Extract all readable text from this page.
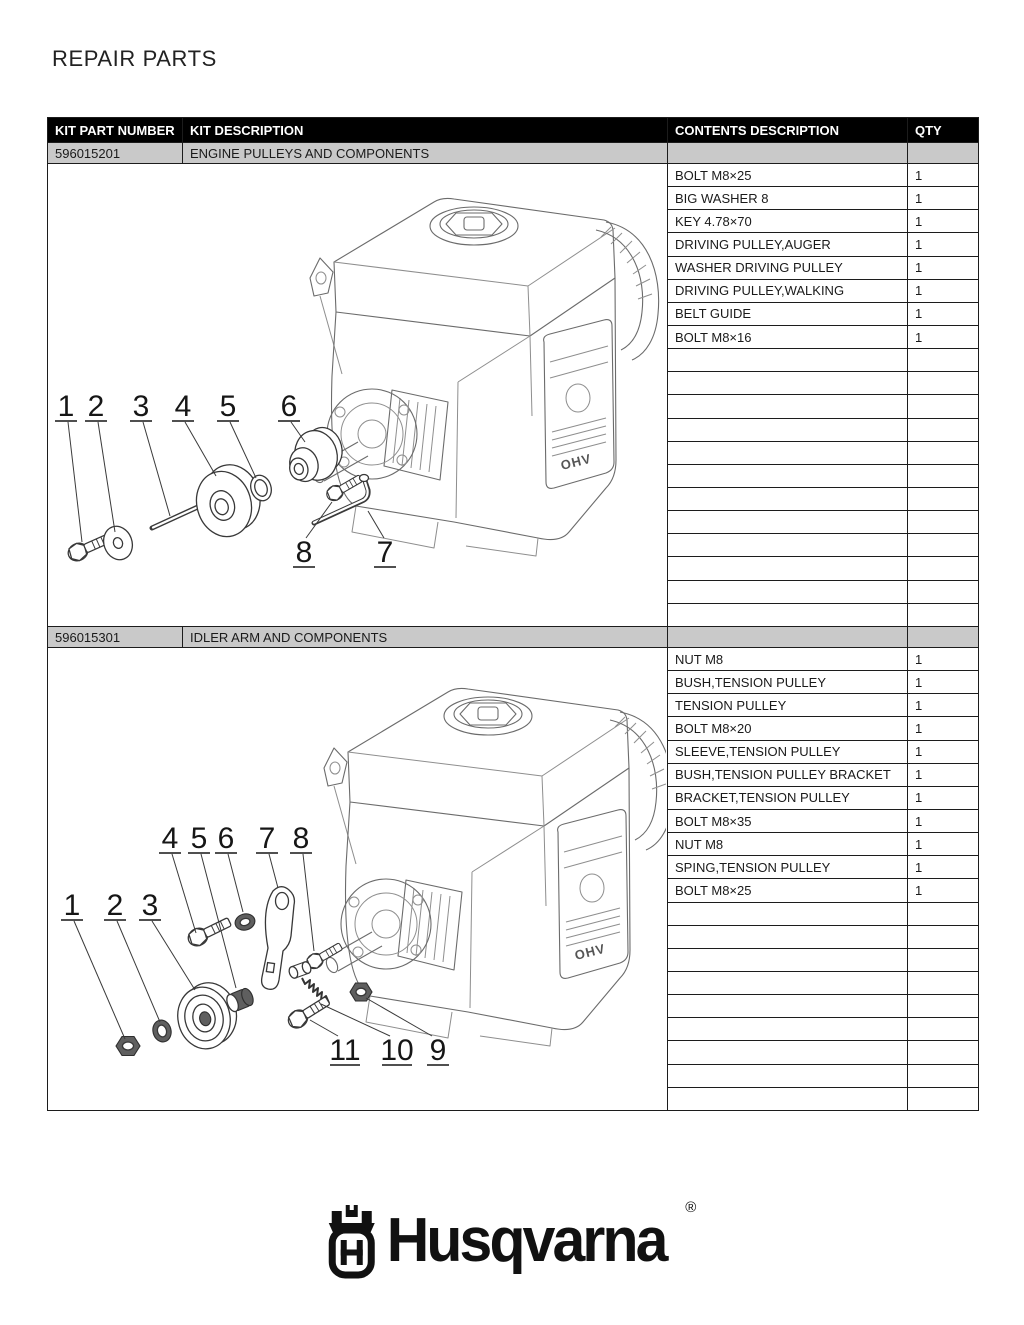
REPAIR PARTS
KIT PART NUMBER	KIT DESCRIPTION	CONTENTS DESCRIPTION	QTY
596015201	ENGINE PULLEYS AND COMPONENTS		

OHV
1 2 3 4 5 6
8 7
	BOLT M8×25	1
		BIG WASHER 8	1
		KEY 4.78×70	1
		DRIVING PULLEY,AUGER	1
		WASHER DRIVING PULLEY	1
		DRIVING PULLEY,WALKING	1
		BELT GUIDE	1
		BOLT M8×16	1

596015301	IDLER ARM AND COMPONENTS		

OHV
4 5 6 7 8
1 2 3
11 10 9
	NUT M8	1
		BUSH,TENSION PULLEY	1
		TENSION PULLEY	1
		BOLT M8×20	1
		SLEEVE,TENSION PULLEY	1
		BUSH,TENSION PULLEY BRACKET	1
		BRACKET,TENSION PULLEY	1
		BOLT M8×35	1
		NUT M8	1
		SPING,TENSION PULLEY	1
		BOLT M8×25	1

Husqvarna ®
